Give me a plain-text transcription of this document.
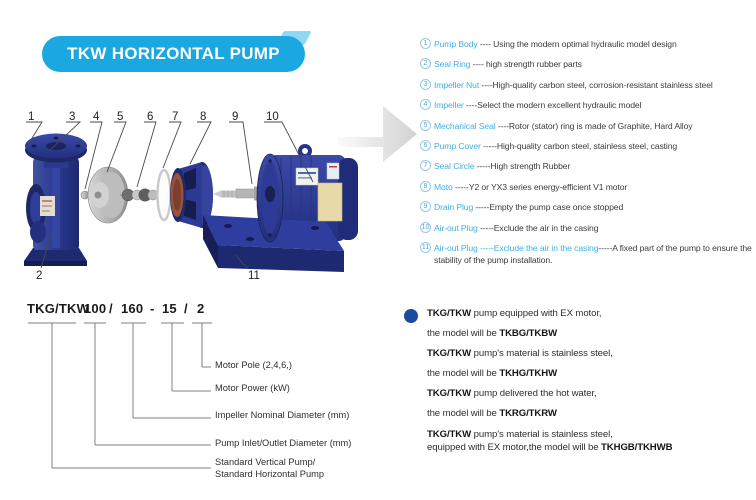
TKW HORIZONTAL PUMP
1	3 4 5 6 7 8 9 10
2	11
1 Pump Body ---- Using the modern optimal hydraulic model design
2 Seal Ring ---- high strength rubber parts
3 Impeller Nut ----High-quality carbon steel, corrosion-resistant stainless steel
4 Impeller ----Select the modern excellent hydraulic model
5 Mechanical Seal ----Rotor (stator) ring is made of Graphite, Hard Alloy
6 Pump Cover -----High-quality carbon steel, stainless steel, casting
7 Seal Circle -----High strength Rubber
8 Moto -----Y2 or YX3 series energy-efficient V1 motor
9 Drain Plug -----Empty the pump case once stopped
10 Air-out Plug -----Exclude the air in the casing
11 Air-out Plug -----Exclude the air in the casing-----A fixed part of the pump to ensure the stability of the pump installation.
TKG/TKW
100 / 160 - 15 / 2
Motor Pole (2,4,6,)
Motor Power (kW)
Impeller Nominal Diameter (mm)
Pump Inlet/Outlet Diameter (mm)
Standard Vertical Pump/
Standard Horizontal Pump
TKG/TKW pump equipped with EX motor,
the model will be TKBG/TKBW
TKG/TKW pump's material is stainless steel,
the model will be TKHG/TKHW
TKG/TKW pump delivered the hot water,
the model will be TKRG/TKRW
TKG/TKW pump's material is stainless steel,
equipped with EX motor,the model will be TKHGB/TKHWB
